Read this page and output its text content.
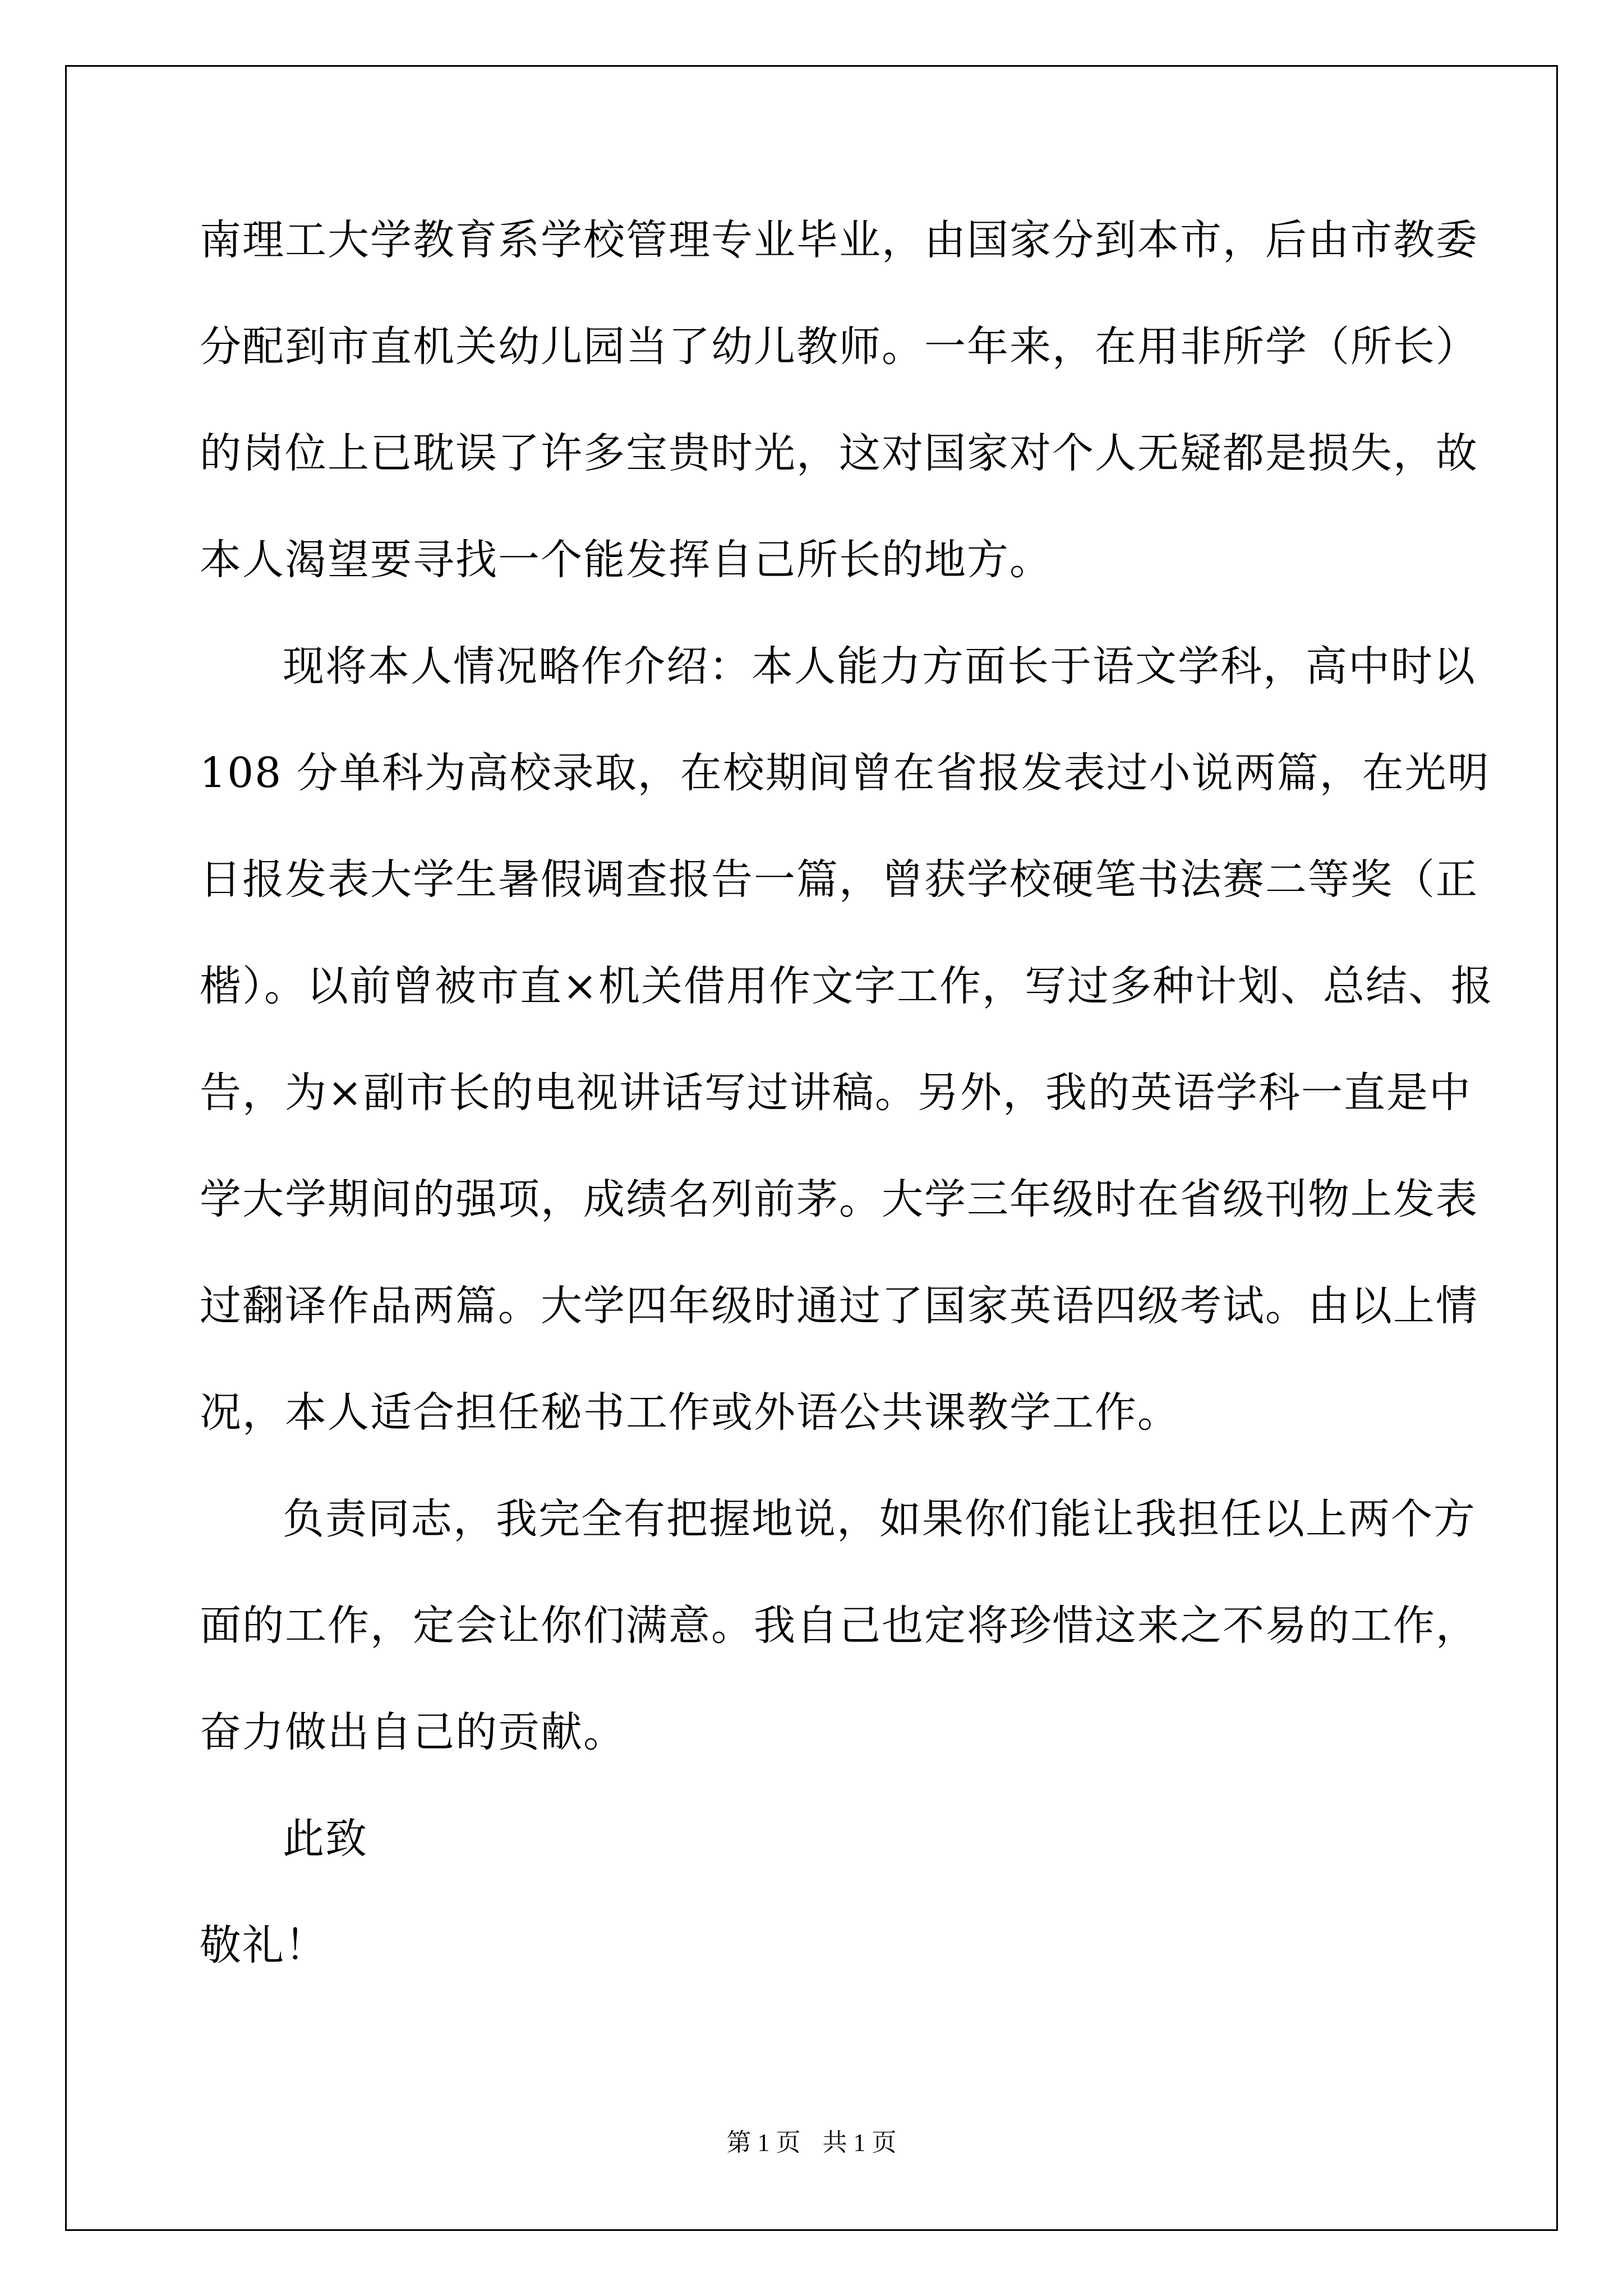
南理工大学教育系学校管理专业毕业，由国家分到本市，后由市教委
分配到市直机关幼儿园当了幼儿教师。一年来，在用非所学（所长）
的岗位上已耽误了许多宝贵时光，这对国家对个人无疑都是损失，故
本人渴望要寻找一个能发挥自己所长的地方。
现将本人情况略作介绍：本人能力方面长于语文学科，高中时以
108 分单科为高校录取，在校期间曾在省报发表过小说两篇，在光明
日报发表大学生暑假调查报告一篇，曾获学校硬笔书法赛二等奖（正
楷）。以前曾被市直×机关借用作文字工作，写过多种计划、总结、报
告，为×副市长的电视讲话写过讲稿。另外，我的英语学科一直是中
学大学期间的强项，成绩名列前茅。大学三年级时在省级刊物上发表
过翻译作品两篇。大学四年级时通过了国家英语四级考试。由以上情
况，本人适合担任秘书工作或外语公共课教学工作。
负责同志，我完全有把握地说，如果你们能让我担任以上两个方
面的工作，定会让你们满意。我自己也定将珍惜这来之不易的工作，
奋力做出自己的贡献。
此致
敬礼！
第 1 页 共 1 页
